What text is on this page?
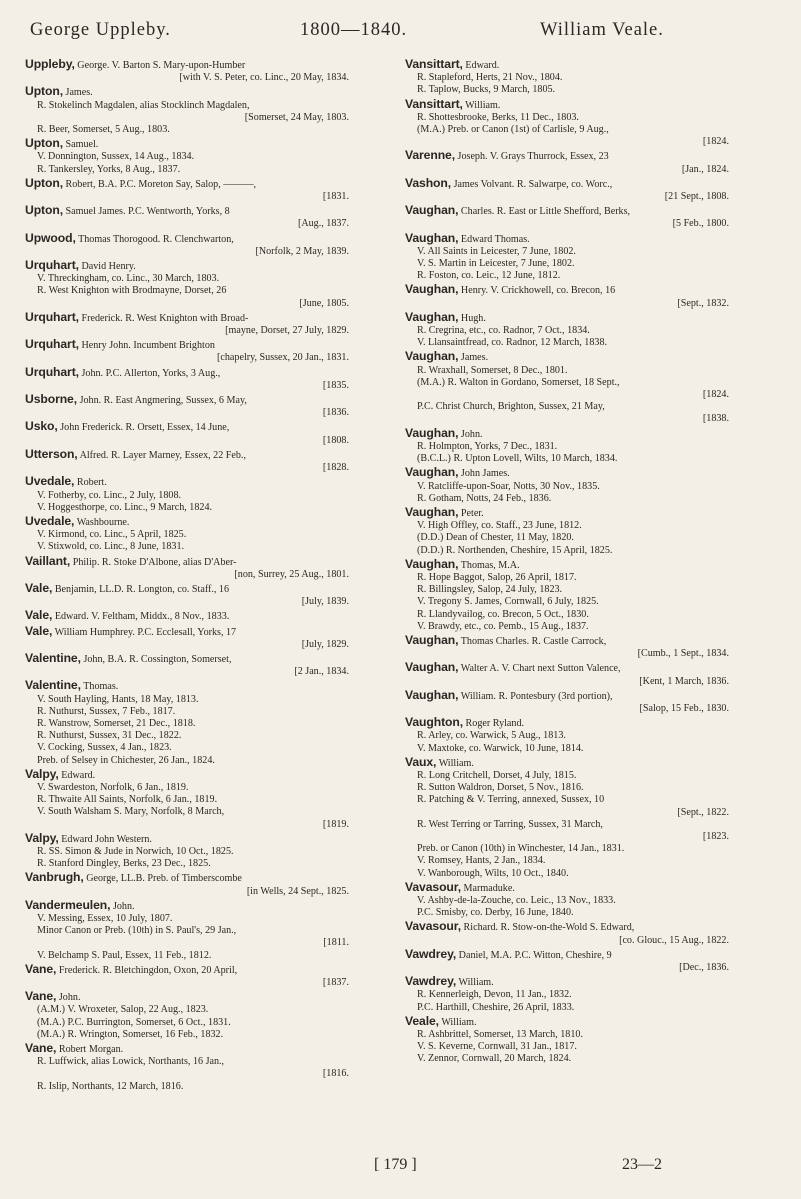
George Uppleby.	1800—1840.	William Veale.
Uppleby, George. V. Barton S. Mary-upon-Humber
[with V. S. Peter, co. Linc., 20 May, 1834.
Upton, James.
R. Stokelinch Magdalen, alias Stocklinch Magdalen,
[Somerset, 24 May, 1803.
R. Beer, Somerset, 5 Aug., 1803.
Upton, Samuel.
V. Donnington, Sussex, 14 Aug., 1834.
R. Tankersley, Yorks, 8 Aug., 1837.
Upton, Robert, B.A. P.C. Moreton Say, Salop, ———,
[1831.
Upton, Samuel James. P.C. Wentworth, Yorks, 8
[Aug., 1837.
Upwood, Thomas Thorogood. R. Clenchwarton,
[Norfolk, 2 May, 1839.
Urquhart, David Henry.
V. Threckingham, co. Linc., 30 March, 1803.
R. West Knighton with Brodmayne, Dorset, 26
[June, 1805.
Urquhart, Frederick. R. West Knighton with Broad-
[mayne, Dorset, 27 July, 1829.
Urquhart, Henry John. Incumbent Brighton
[chapelry, Sussex, 20 Jan., 1831.
Urquhart, John. P.C. Allerton, Yorks, 3 Aug.,
[1835.
Usborne, John. R. East Angmering, Sussex, 6 May,
[1836.
Usko, John Frederick. R. Orsett, Essex, 14 June,
[1808.
Utterson, Alfred. R. Layer Marney, Essex, 22 Feb.,
[1828.
Uvedale, Robert.
V. Fotherby, co. Linc., 2 July, 1808.
V. Hoggesthorpe, co. Linc., 9 March, 1824.
Uvedale, Washbourne.
V. Kirmond, co. Linc., 5 April, 1825.
V. Stixwold, co. Linc., 8 June, 1831.
Vaillant, Philip. R. Stoke D'Albone, alias D'Aber-
[non, Surrey, 25 Aug., 1801.
Vale, Benjamin, LL.D. R. Longton, co. Staff., 16
[July, 1839.
Vale, Edward. V. Feltham, Middx., 8 Nov., 1833.
Vale, William Humphrey. P.C. Ecclesall, Yorks, 17
[July, 1829.
Valentine, John, B.A. R. Cossington, Somerset,
[2 Jan., 1834.
Valentine, Thomas.
V. South Hayling, Hants, 18 May, 1813.
R. Nuthurst, Sussex, 7 Feb., 1817.
R. Wanstrow, Somerset, 21 Dec., 1818.
R. Nuthurst, Sussex, 31 Dec., 1822.
V. Cocking, Sussex, 4 Jan., 1823.
Preb. of Selsey in Chichester, 26 Jan., 1824.
Valpy, Edward.
V. Swardeston, Norfolk, 6 Jan., 1819.
R. Thwaite All Saints, Norfolk, 6 Jan., 1819.
V. South Walsham S. Mary, Norfolk, 8 March,
[1819.
Valpy, Edward John Western.
R. SS. Simon & Jude in Norwich, 10 Oct., 1825.
R. Stanford Dingley, Berks, 23 Dec., 1825.
Vanbrugh, George, LL.B. Preb. of Timberscombe
[in Wells, 24 Sept., 1825.
Vandermeulen, John.
V. Messing, Essex, 10 July, 1807.
Minor Canon or Preb. (10th) in S. Paul's, 29 Jan.,
[1811.
V. Belchamp S. Paul, Essex, 11 Feb., 1812.
Vane, Frederick. R. Bletchingdon, Oxon, 20 April,
[1837.
Vane, John.
(A.M.) V. Wroxeter, Salop, 22 Aug., 1823.
(M.A.) P.C. Burrington, Somerset, 6 Oct., 1831.
(M.A.) R. Wrington, Somerset, 16 Feb., 1832.
Vane, Robert Morgan.
R. Luffwick, alias Lowick, Northants, 16 Jan.,
[1816.
R. Islip, Northants, 12 March, 1816.
Vansittart, Edward.
R. Stapleford, Herts, 21 Nov., 1804.
R. Taplow, Bucks, 9 March, 1805.
Vansittart, William.
R. Shottesbrooke, Berks, 11 Dec., 1803.
(M.A.) Preb. or Canon (1st) of Carlisle, 9 Aug.,
[1824.
Varenne, Joseph. V. Grays Thurrock, Essex, 23
[Jan., 1824.
Vashon, James Volvant. R. Salwarpe, co. Worc.,
[21 Sept., 1808.
Vaughan, Charles. R. East or Little Shefford, Berks,
[5 Feb., 1800.
Vaughan, Edward Thomas.
V. All Saints in Leicester, 7 June, 1802.
V. S. Martin in Leicester, 7 June, 1802.
R. Foston, co. Leic., 12 June, 1812.
Vaughan, Henry. V. Crickhowell, co. Brecon, 16
[Sept., 1832.
Vaughan, Hugh.
R. Cregrina, etc., co. Radnor, 7 Oct., 1834.
V. Llansaintfread, co. Radnor, 12 March, 1838.
Vaughan, James.
R. Wraxhall, Somerset, 8 Dec., 1801.
(M.A.) R. Walton in Gordano, Somerset, 18 Sept.,
[1824.
P.C. Christ Church, Brighton, Sussex, 21 May,
[1838.
Vaughan, John.
R. Holmpton, Yorks, 7 Dec., 1831.
(B.C.L.) R. Upton Lovell, Wilts, 10 March, 1834.
Vaughan, John James.
V. Ratcliffe-upon-Soar, Notts, 30 Nov., 1835.
R. Gotham, Notts, 24 Feb., 1836.
Vaughan, Peter.
V. High Offley, co. Staff., 23 June, 1812.
(D.D.) Dean of Chester, 11 May, 1820.
(D.D.) R. Northenden, Cheshire, 15 April, 1825.
Vaughan, Thomas, M.A.
R. Hope Baggot, Salop, 26 April, 1817.
R. Billingsley, Salop, 24 July, 1823.
V. Tregony S. James, Cornwall, 6 July, 1825.
R. Llandyvailog, co. Brecon, 5 Oct., 1830.
V. Brawdy, etc., co. Pemb., 15 Aug., 1837.
Vaughan, Thomas Charles. R. Castle Carrock,
[Cumb., 1 Sept., 1834.
Vaughan, Walter A. V. Chart next Sutton Valence,
[Kent, 1 March, 1836.
Vaughan, William. R. Pontesbury (3rd portion),
[Salop, 15 Feb., 1830.
Vaughton, Roger Ryland.
R. Arley, co. Warwick, 5 Aug., 1813.
V. Maxtoke, co. Warwick, 10 June, 1814.
Vaux, William.
R. Long Critchell, Dorset, 4 July, 1815.
R. Sutton Waldron, Dorset, 5 Nov., 1816.
R. Patching & V. Terring, annexed, Sussex, 10
[Sept., 1822.
R. West Terring or Tarring, Sussex, 31 March,
[1823.
Preb. or Canon (10th) in Winchester, 14 Jan., 1831.
V. Romsey, Hants, 2 Jan., 1834.
V. Wanborough, Wilts, 10 Oct., 1840.
Vavasour, Marmaduke.
V. Ashby-de-la-Zouche, co. Leic., 13 Nov., 1833.
P.C. Smisby, co. Derby, 16 June, 1840.
Vavasour, Richard. R. Stow-on-the-Wold S. Edward,
[co. Glouc., 15 Aug., 1822.
Vawdrey, Daniel, M.A. P.C. Witton, Cheshire, 9
[Dec., 1836.
Vawdrey, William.
R. Kennerleigh, Devon, 11 Jan., 1832.
P.C. Harthill, Cheshire, 26 April, 1833.
Veale, William.
R. Ashbrittel, Somerset, 13 March, 1810.
V. S. Keverne, Cornwall, 31 Jan., 1817.
V. Zennor, Cornwall, 20 March, 1824.
[ 179 ]	23—2
